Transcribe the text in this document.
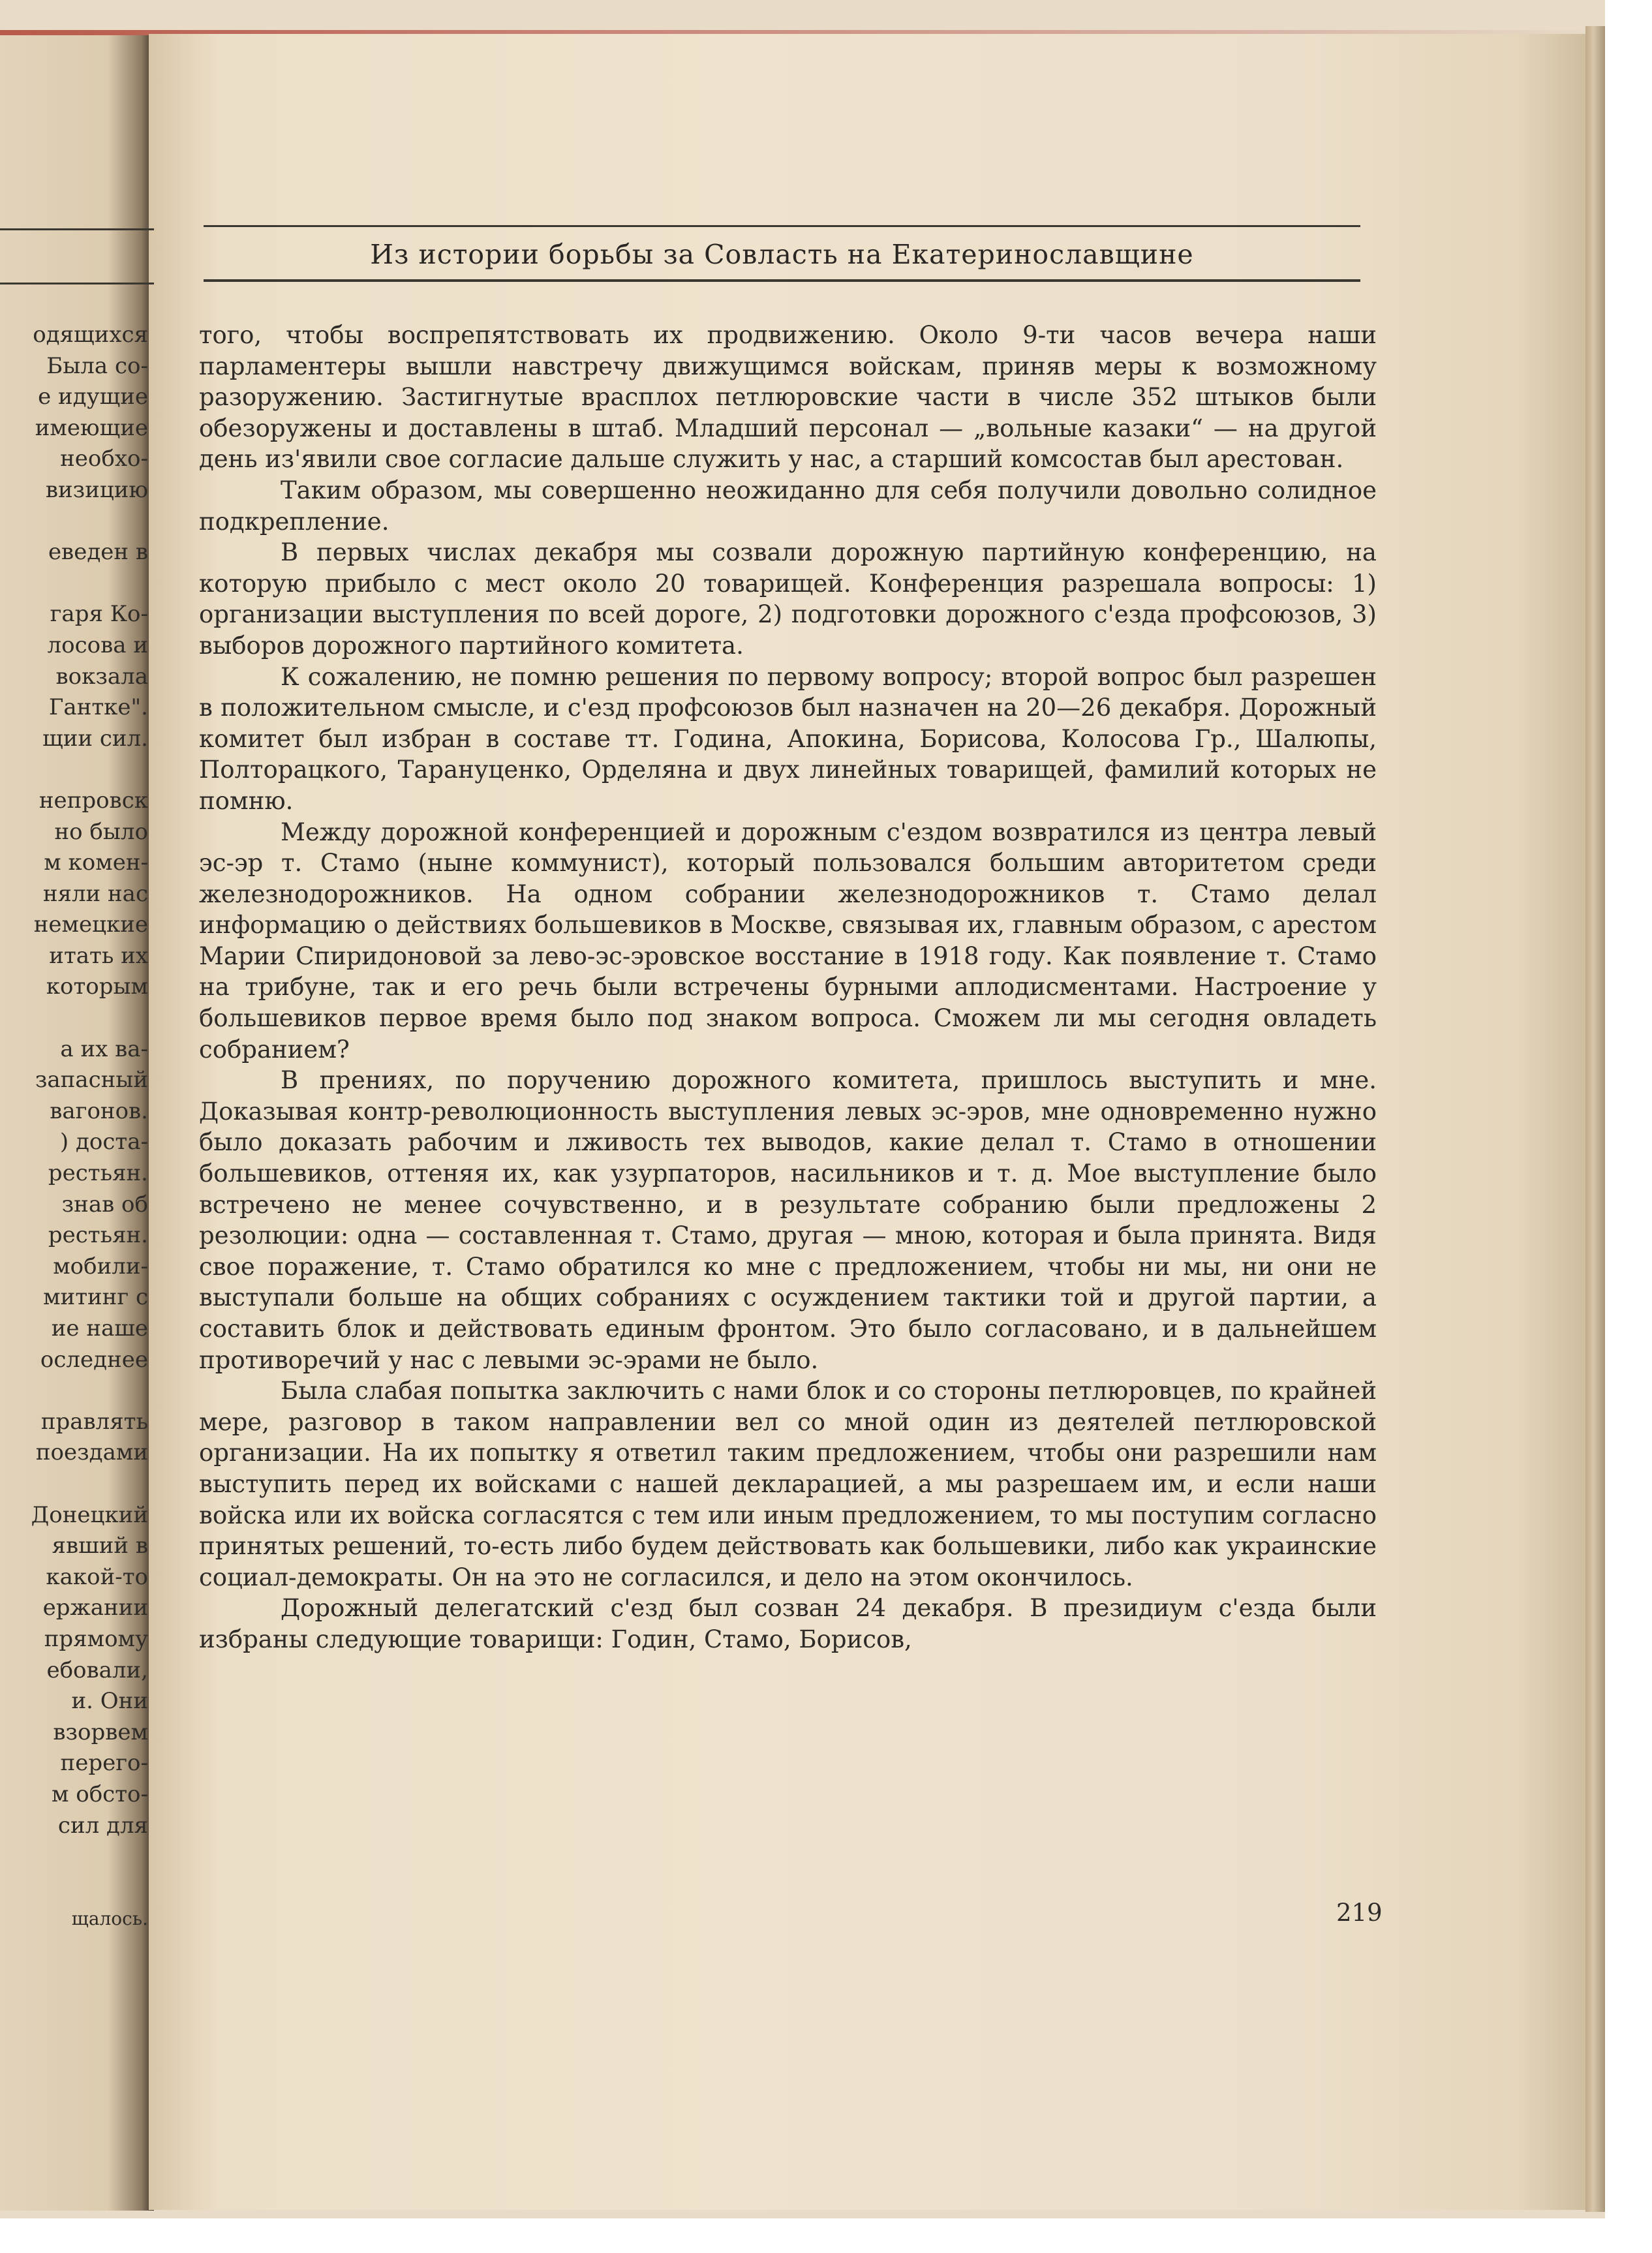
одящихся
Была со-
е идущие
имеющие
необхо-
визицию
еведен в
гаря Ко-
лосова и
вокзала
Гантке".
щии сил.
непровск
но было
м комен-
няли нас
немецкие
итать их
которым
а их ва-
запасный
вагонов.
) доста-
рестьян.
знав об
рестьян.
мобили-
митинг с
ие наше
оследнее
правлять
поездами
Донецкий
явший в
какой-то
ержании
прямому
ебовали,
и. Они
взорвем
перего-
м обсто-
сил для
щалось.
Из истории борьбы за Совласть на Екатеринославщине

того, чтобы воспрепятствовать их продвижению. Около 9-ти часов вечера наши парламентеры вышли навстречу движущимся войскам, приняв меры к возможному разоружению. Застигнутые врасплох петлюровские части в числе 352 штыков были обезоружены и доставлены в штаб. Младший персонал — „вольные казаки“ — на другой день из'явили свое согласие дальше служить у нас, а старший комсостав был арестован.

Таким образом, мы совершенно неожиданно для себя получили довольно солидное подкрепление.

В первых числах декабря мы созвали дорожную партийную конференцию, на которую прибыло с мест около 20 товарищей. Конференция разрешала вопросы: 1) организации выступления по всей дороге, 2) подготовки дорожного с'езда профсоюзов, 3) выборов дорожного партийного комитета.

К сожалению, не помню решения по первому вопросу; второй вопрос был разрешен в положительном смысле, и с'езд профсоюзов был назначен на 20—26 декабря. Дорожный комитет был избран в составе тт. Година, Апокина, Борисова, Колосова Гр., Шалюпы, Полторацкого, Тарануценко, Орделяна и двух линейных товарищей, фамилий которых не помню.

Между дорожной конференцией и дорожным с'ездом возвратился из центра левый эс-эр т. Стамо (ныне коммунист), который пользовался большим авторитетом среди железнодорожников. На одном собрании железнодорожников т. Стамо делал информацию о действиях большевиков в Москве, связывая их, главным образом, с арестом Марии Спиридоновой за лево-эс-эровское восстание в 1918 году. Как появление т. Стамо на трибуне, так и его речь были встречены бурными аплодисментами. Настроение у большевиков первое время было под знаком вопроса. Сможем ли мы сегодня овладеть собранием?

В прениях, по поручению дорожного комитета, пришлось выступить и мне. Доказывая контр-революционность выступления левых эс-эров, мне одновременно нужно было доказать рабочим и лживость тех выводов, какие делал т. Стамо в отношении большевиков, оттеняя их, как узурпаторов, насильников и т. д. Мое выступление было встречено не менее сочувственно, и в результате собранию были предложены 2 резолюции: одна — составленная т. Стамо, другая — мною, которая и была принята. Видя свое поражение, т. Стамо обратился ко мне с предложением, чтобы ни мы, ни они не выступали больше на общих собраниях с осуждением тактики той и другой партии, а составить блок и действовать единым фронтом. Это было согласовано, и в дальнейшем противоречий у нас с левыми эс-эрами не было.

Была слабая попытка заключить с нами блок и со стороны петлюровцев, по крайней мере, разговор в таком направлении вел со мной один из деятелей петлюровской организации. На их попытку я ответил таким предложением, чтобы они разрешили нам выступить перед их войсками с нашей декларацией, а мы разрешаем им, и если наши войска или их войска согласятся с тем или иным предложением, то мы поступим согласно принятых решений, то-есть либо будем действовать как большевики, либо как украинские социал-демократы. Он на это не согласился, и дело на этом окончилось.

Дорожный делегатский с'езд был созван 24 декабря. В президиум с'езда были избраны следующие товарищи: Годин, Стамо, Борисов,

219
